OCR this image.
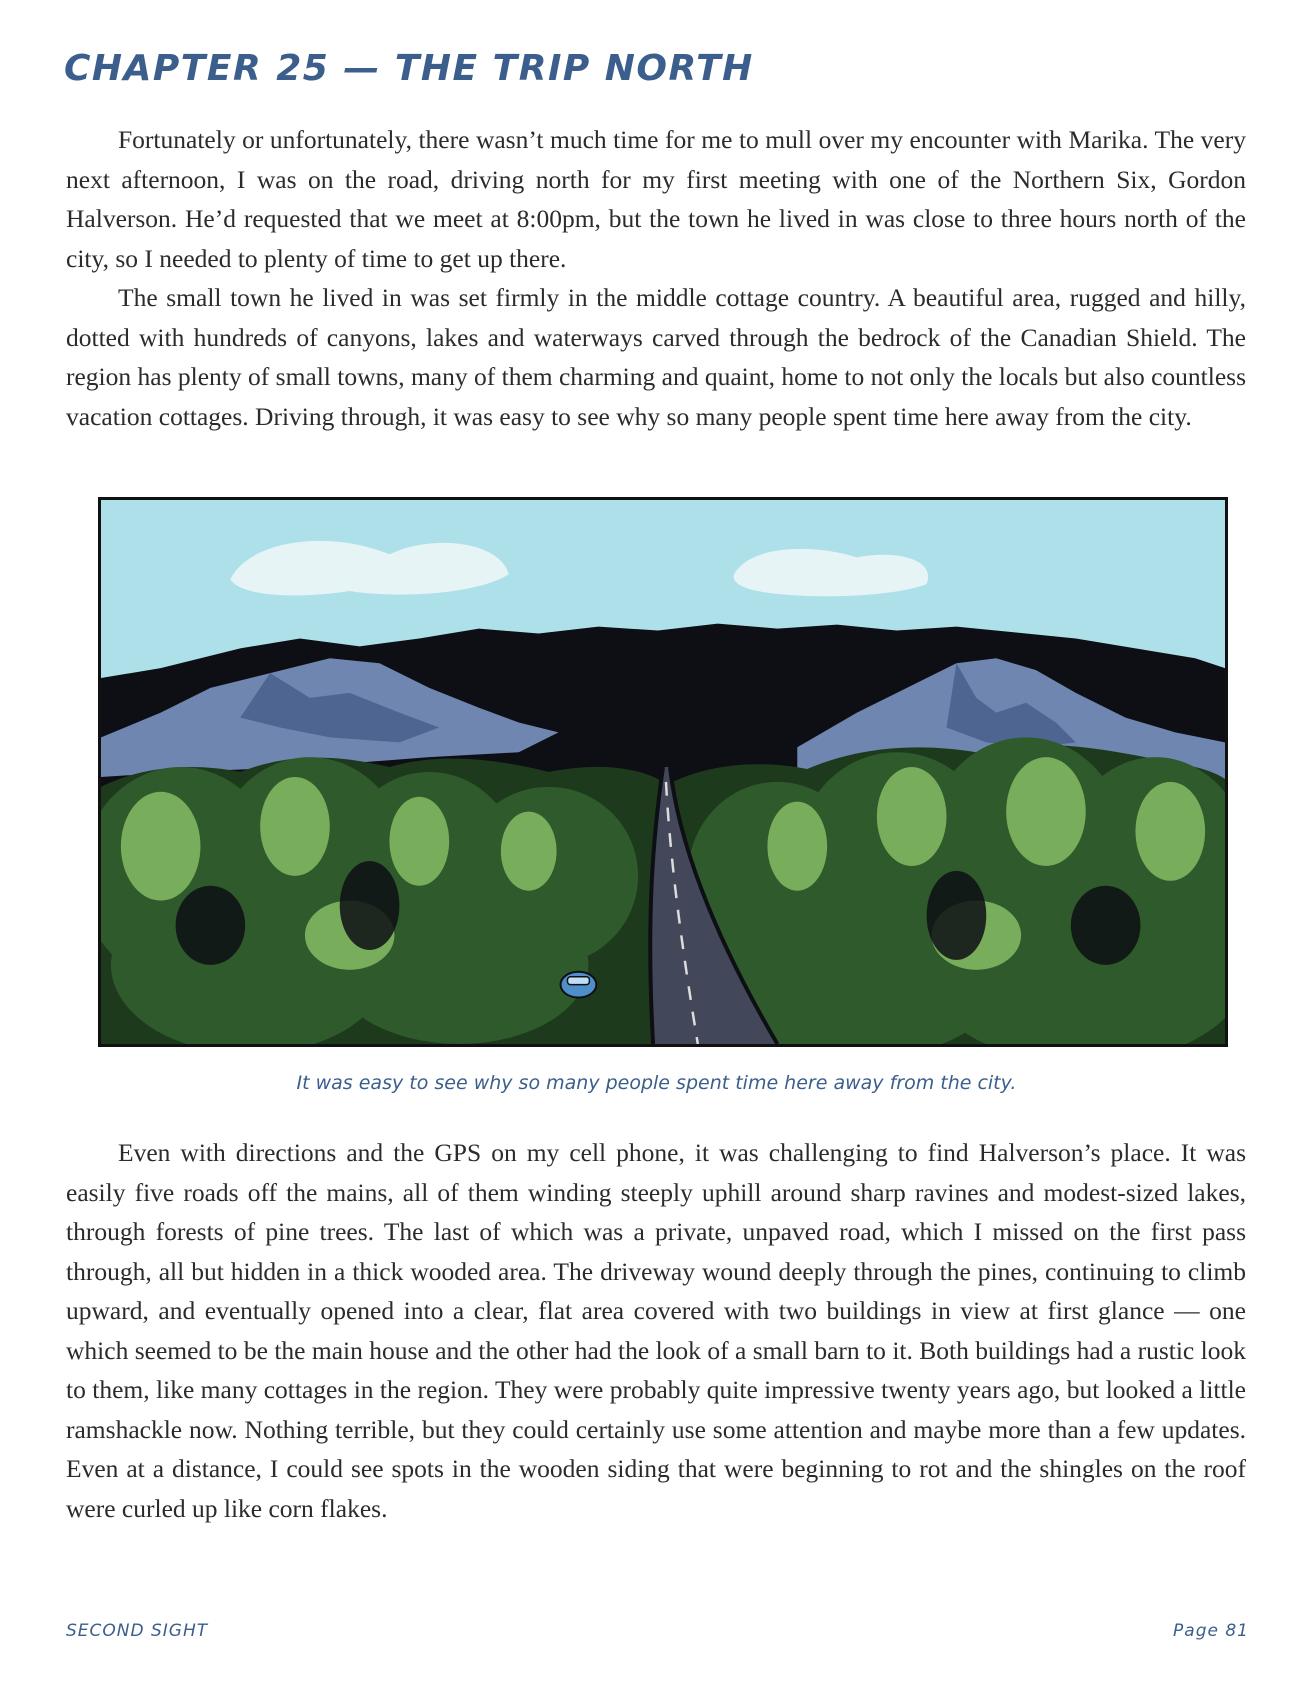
CHAPTER 25 — THE TRIP NORTH

Fortunately or unfortunately, there wasn’t much time for me to mull over my encounter with Marika. The very next afternoon, I was on the road, driving north for my first meeting with one of the Northern Six, Gordon Halverson. He’d requested that we meet at 8:00pm, but the town he lived in was close to three hours north of the city, so I needed to plenty of time to get up there.

The small town he lived in was set firmly in the middle cottage country. A beautiful area, rugged and hilly, dotted with hundreds of canyons, lakes and waterways carved through the bedrock of the Canadian Shield. The region has plenty of small towns, many of them charming and quaint, home to not only the locals but also countless vacation cottages. Driving through, it was easy to see why so many people spent time here away from the city.

It was easy to see why so many people spent time here away from the city.

Even with directions and the GPS on my cell phone, it was challenging to find Halverson’s place. It was easily five roads off the mains, all of them winding steeply uphill around sharp ravines and modest-sized lakes, through forests of pine trees. The last of which was a private, unpaved road, which I missed on the first pass through, all but hidden in a thick wooded area. The driveway wound deeply through the pines, continuing to climb upward, and eventually opened into a clear, flat area covered with two buildings in view at first glance — one which seemed to be the main house and the other had the look of a small barn to it. Both buildings had a rustic look to them, like many cottages in the region. They were probably quite impressive twenty years ago, but looked a little ramshackle now. Nothing terrible, but they could certainly use some attention and maybe more than a few updates. Even at a distance, I could see spots in the wooden siding that were beginning to rot and the shingles on the roof were curled up like corn flakes.

SECOND SIGHT	Page 81
